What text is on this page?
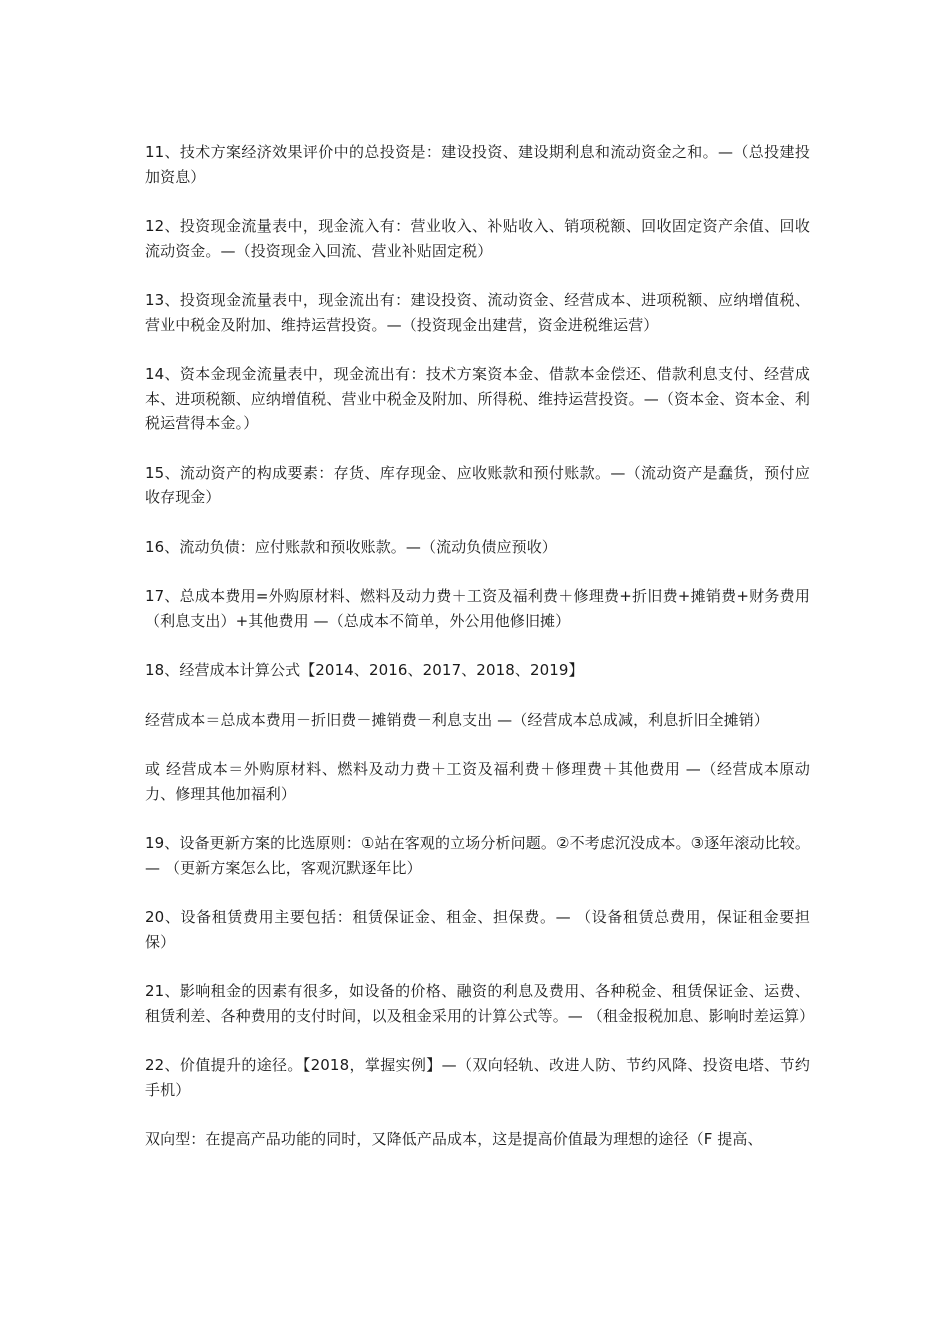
11、技术方案经济效果评价中的总投资是：建设投资、建设期利息和流动资金之和。—（总投建投加资息）

12、投资现金流量表中，现金流入有：营业收入、补贴收入、销项税额、回收固定资产余值、回收流动资金。—（投资现金入回流、营业补贴固定税）

13、投资现金流量表中，现金流出有：建设投资、流动资金、经营成本、进项税额、应纳增值税、营业中税金及附加、维持运营投资。—（投资现金出建营，资金进税维运营）

14、资本金现金流量表中，现金流出有：技术方案资本金、借款本金偿还、借款利息支付、经营成本、进项税额、应纳增值税、营业中税金及附加、所得税、维持运营投资。—（资本金、资本金、利税运营得本金。）

15、流动资产的构成要素：存货、库存现金、应收账款和预付账款。—（流动资产是蠢货，预付应收存现金）

16、流动负债：应付账款和预收账款。—（流动负债应预收）

17、总成本费用=外购原材料、燃料及动力费＋工资及福利费＋修理费+折旧费+摊销费+财务费用（利息支出）+其他费用 —（总成本不简单，外公用他修旧摊）

18、经营成本计算公式【2014、2016、2017、2018、2019】

经营成本＝总成本费用－折旧费－摊销费－利息支出 —（经营成本总成减，利息折旧全摊销）

或 经营成本＝外购原材料、燃料及动力费＋工资及福利费＋修理费＋其他费用 —（经营成本原动力、修理其他加福利）

19、设备更新方案的比选原则：①站在客观的立场分析问题。②不考虑沉没成本。③逐年滚动比较。— （更新方案怎么比，客观沉默逐年比）

20、设备租赁费用主要包括：租赁保证金、租金、担保费。— （设备租赁总费用，保证租金要担保）

21、影响租金的因素有很多，如设备的价格、融资的利息及费用、各种税金、租赁保证金、运费、租赁利差、各种费用的支付时间，以及租金采用的计算公式等。— （租金报税加息、影响时差运算）

22、价值提升的途径。【2018，掌握实例】—（双向轻轨、改进人防、节约风降、投资电塔、节约手机）

双向型：在提高产品功能的同时，又降低产品成本，这是提高价值最为理想的途径（F 提高、
